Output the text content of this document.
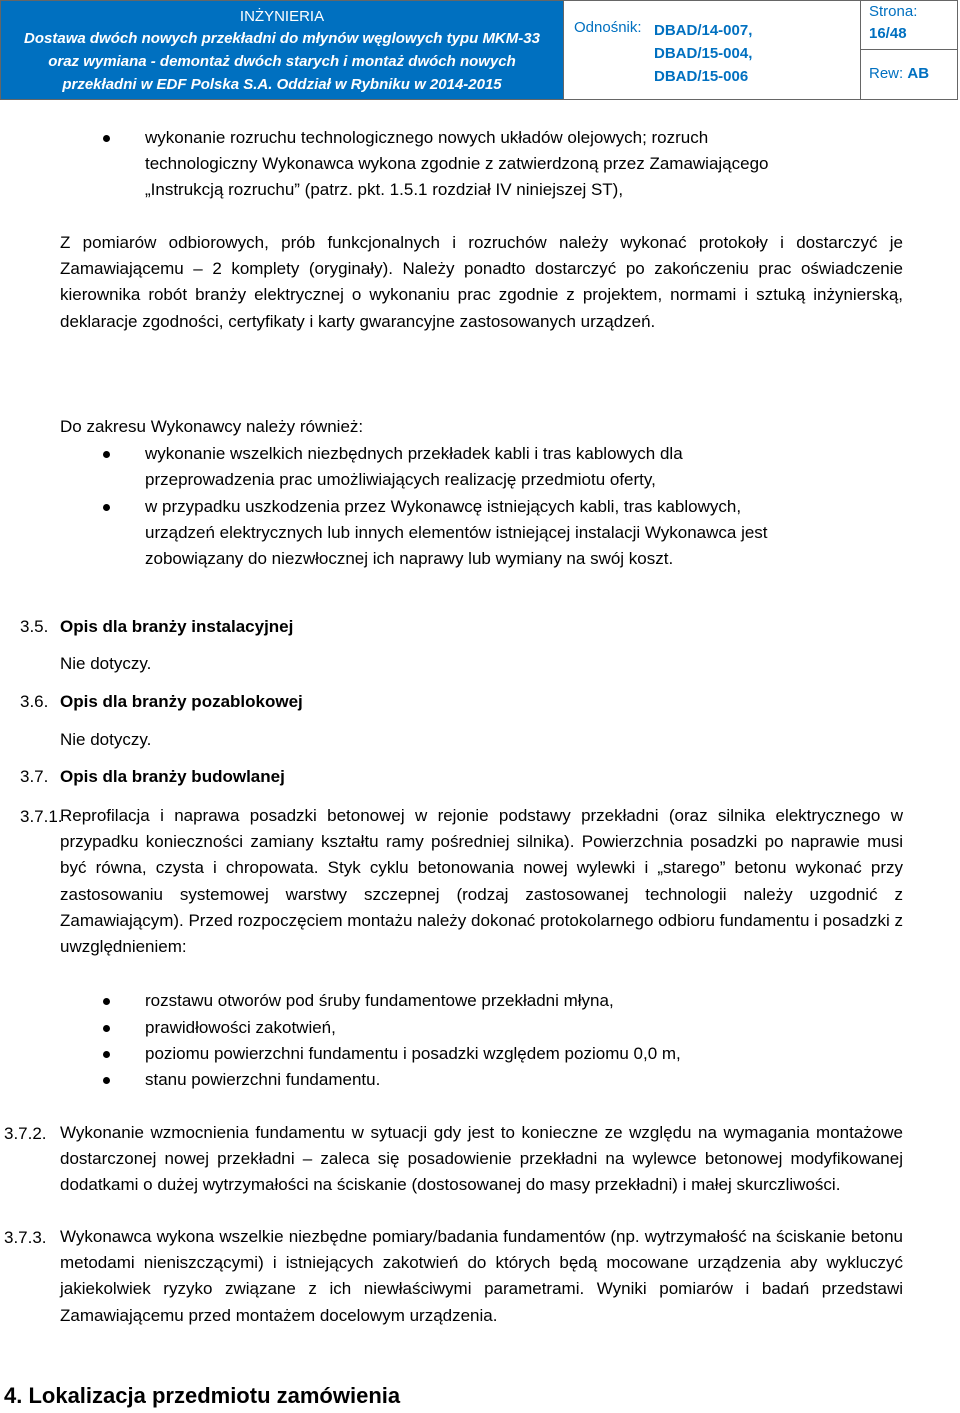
INŻYNIERIA
Dostawa dwóch nowych przekładni do młynów węglowych typu MKM-33
oraz wymiana - demontaż dwóch starych i montaż dwóch nowych
przekładni w EDF Polska S.A. Oddział w Rybniku w 2014-2015
Odnośnik: DBAD/14-007,
DBAD/15-004,
DBAD/15-006
Strona:
16/48
Rew: AB
wykonanie rozruchu technologicznego nowych układów olejowych; rozruch
technologiczny Wykonawca wykona zgodnie z zatwierdzoną przez Zamawiającego
„Instrukcją rozruchu” (patrz. pkt. 1.5.1 rozdział IV niniejszej ST),
Z pomiarów odbiorowych, prób funkcjonalnych i rozruchów należy wykonać protokoły i dostarczyć je Zamawiającemu – 2 komplety (oryginały). Należy ponadto dostarczyć po zakończeniu prac oświadczenie kierownika robót branży elektrycznej o wykonaniu prac zgodnie z projektem, normami i sztuką inżynierską, deklaracje zgodności, certyfikaty i karty gwarancyjne zastosowanych urządzeń.
Do zakresu Wykonawcy należy również:
wykonanie wszelkich niezbędnych przekładek kabli i tras kablowych dla
przeprowadzenia prac umożliwiających realizację przedmiotu oferty,
w przypadku uszkodzenia przez Wykonawcę istniejących kabli, tras kablowych,
urządzeń elektrycznych lub innych elementów istniejącej instalacji Wykonawca jest
zobowiązany do niezwłocznej ich naprawy lub wymiany na swój koszt.
3.5. Opis dla branży instalacyjnej
Nie dotyczy.
3.6. Opis dla branży pozablokowej
Nie dotyczy.
3.7. Opis dla branży budowlanej
3.7.1.
Reprofilacja i naprawa posadzki betonowej w rejonie podstawy przekładni (oraz silnika elektrycznego w przypadku konieczności zamiany kształtu ramy pośredniej silnika). Powierzchnia posadzki po naprawie musi być równa, czysta i chropowata. Styk cyklu betonowania nowej wylewki i „starego” betonu wykonać przy zastosowaniu systemowej warstwy szczepnej (rodzaj zastosowanej technologii należy uzgodnić z Zamawiającym). Przed rozpoczęciem montażu należy dokonać protokolarnego odbioru fundamentu i posadzki z uwzględnieniem:
rozstawu otworów pod śruby fundamentowe przekładni młyna,
prawidłowości zakotwień,
poziomu powierzchni fundamentu i posadzki względem poziomu 0,0 m,
stanu powierzchni fundamentu.
3.7.2. Wykonanie wzmocnienia fundamentu w sytuacji gdy jest to konieczne ze względu na wymagania montażowe dostarczonej nowej przekładni – zaleca się posadowienie przekładni na wylewce betonowej modyfikowanej dodatkami o dużej wytrzymałości na ściskanie (dostosowanej do masy przekładni) i małej skurczliwości.
3.7.3. Wykonawca wykona wszelkie niezbędne pomiary/badania fundamentów (np. wytrzymałość na ściskanie betonu metodami nieniszczącymi) i istniejących zakotwień do których będą mocowane urządzenia aby wykluczyć jakiekolwiek ryzyko związane z ich niewłaściwymi parametrami. Wyniki pomiarów i badań przedstawi Zamawiającemu przed montażem docelowym urządzenia.
4. Lokalizacja przedmiotu zamówienia
